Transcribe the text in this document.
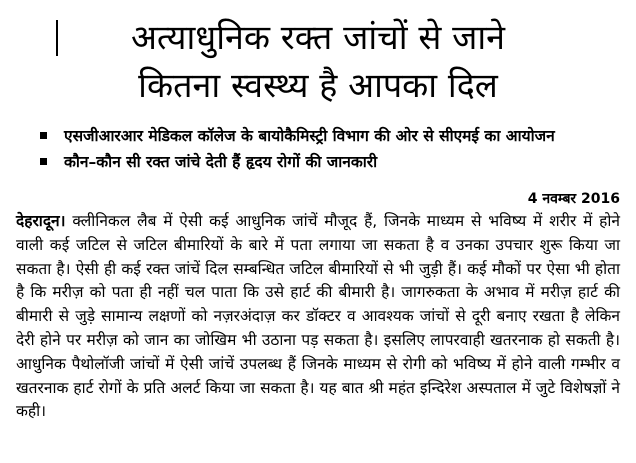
अत्याधुनिक रक्त जांचों से जाने
कितना स्वस्थ्य है आपका दिल
एसजीआरआर मेडिकल कॉलेज के बायोकैमिस्ट्री विभाग की ओर से सीएमई का आयोजन
कौन–कौन सी रक्त जांचे देती हैं हृदय रोगों की जानकारी
4 नवम्बर 2016

देहरादून। क्लीनिकल लैब में ऐसी कई आधुनिक जांचें मौजूद हैं, जिनके माध्यम से भविष्य में शरीर में होने वाली कई जटिल से जटिल बीमारियों के बारे में पता लगाया जा सकता है व उनका उपचार शुरू किया जा सकता है। ऐसी ही कई रक्त जांचें दिल सम्बन्धित जटिल बीमारियों से भी जुड़ी हैं। कई मौकों पर ऐसा भी होता है कि मरीज़ को पता ही नहीं चल पाता कि उसे हार्ट की बीमारी है। जागरुकता के अभाव में मरीज़ हार्ट की बीमारी से जुड़े सामान्य लक्षणों को नज़रअंदाज़ कर डॉक्टर व आवश्यक जांचों से दूरी बनाए रखता है लेकिन देरी होने पर मरीज़ को जान का जोखिम भी उठाना पड़ सकता है। इसलिए लापरवाही खतरनाक हो सकती है। आधुनिक पैथोलॉजी जांचों में ऐसी जांचें उपलब्ध हैं जिनके माध्यम से रोगी को भविष्य में होने वाली गम्भीर व खतरनाक हार्ट रोगों के प्रति अलर्ट किया जा सकता है। यह बात श्री महंत इन्दिरेश अस्पताल में जुटे विशेषज्ञों ने कही।
